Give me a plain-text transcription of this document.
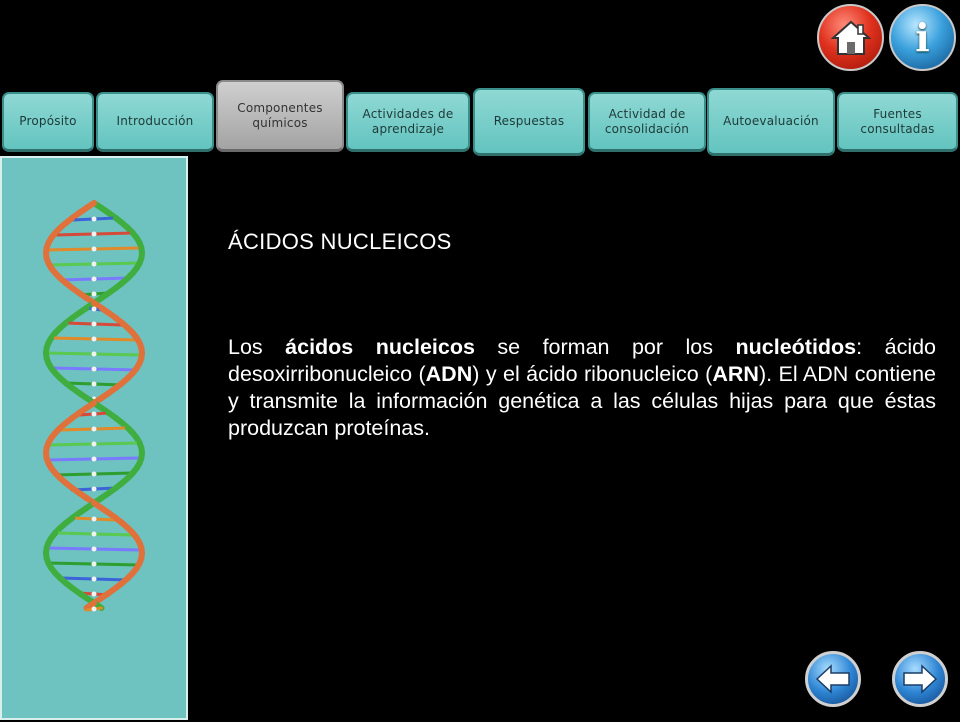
i
Propósito	Introducción
Componentes químicos
Actividades de aprendizaje
Respuestas
Actividad de consolidación
Autoevaluación
Fuentes consultadas
ÁCIDOS NUCLEICOS
Los ácidos nucleicos se forman por los nucleótidos: ácido desoxirribonucleico (ADN) y el ácido ribonucleico (ARN). El ADN contiene y transmite la información genética a las células hijas para que éstas produzcan proteínas.
